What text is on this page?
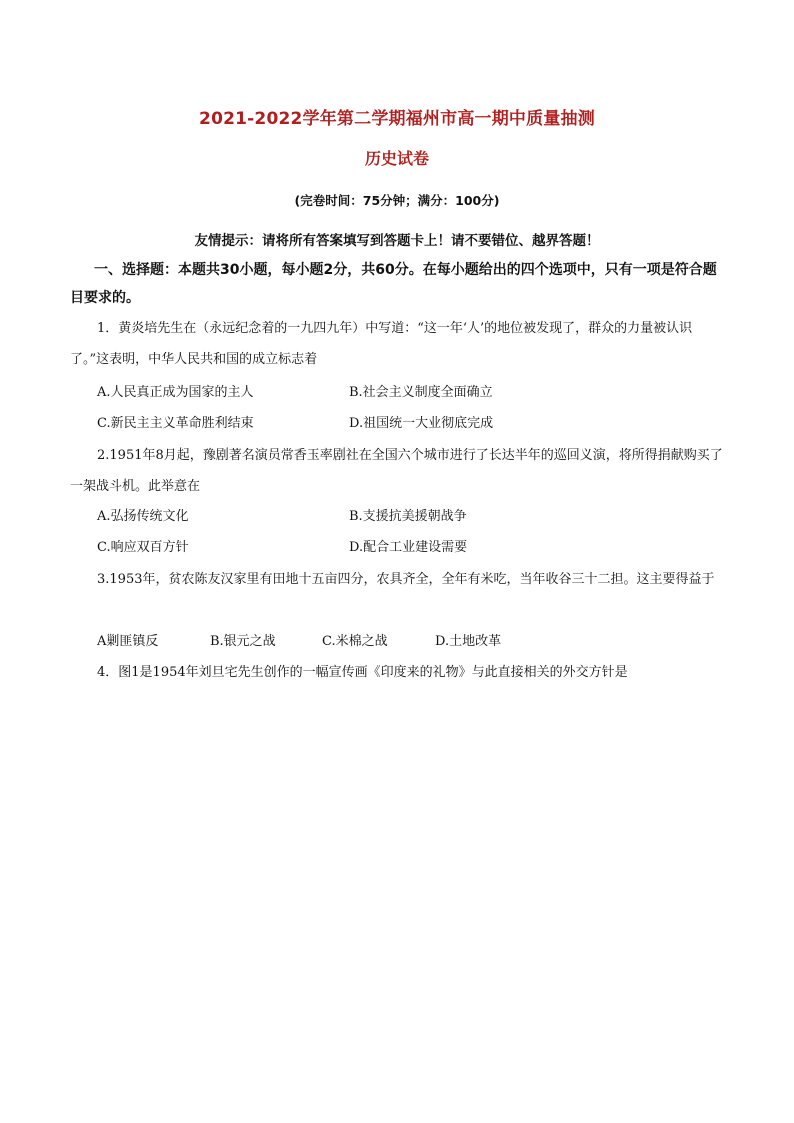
2021-2022学年第二学期福州市高一期中质量抽测
历史试卷
(完卷时间：75分钟；满分：100分)
友情提示：请将所有答案填写到答题卡上！请不要错位、越界答题！
一、选择题：本题共30小题，每小题2分，共60分。在每小题给出的四个选项中，只有一项是符合题目要求的。
1．黄炎培先生在（永远纪念着的一九四九年）中写道：“这一年‘人’的地位被发现了，群众的力量被认识了。”这表明，中华人民共和国的成立标志着
A.人民真正成为国家的主人	B.社会主义制度全面确立
C.新民主主义革命胜利结束	D.祖国统一大业彻底完成
2.1951年8月起，豫剧著名演员常香玉率剧社在全国六个城市进行了长达半年的巡回义演，将所得捐献购买了一架战斗机。此举意在
A.弘扬传统文化	B.支援抗美援朝战争
C.响应双百方针	D.配合工业建设需要
3.1953年，贫农陈友汉家里有田地十五亩四分，农具齐全，全年有米吃，当年收谷三十二担。这主要得益于
A剿匪镇反	B.银元之战	C.米棉之战	D.土地改革
4．图1是1954年刘旦宅先生创作的一幅宣传画《印度来的礼物》与此直接相关的外交方针是
